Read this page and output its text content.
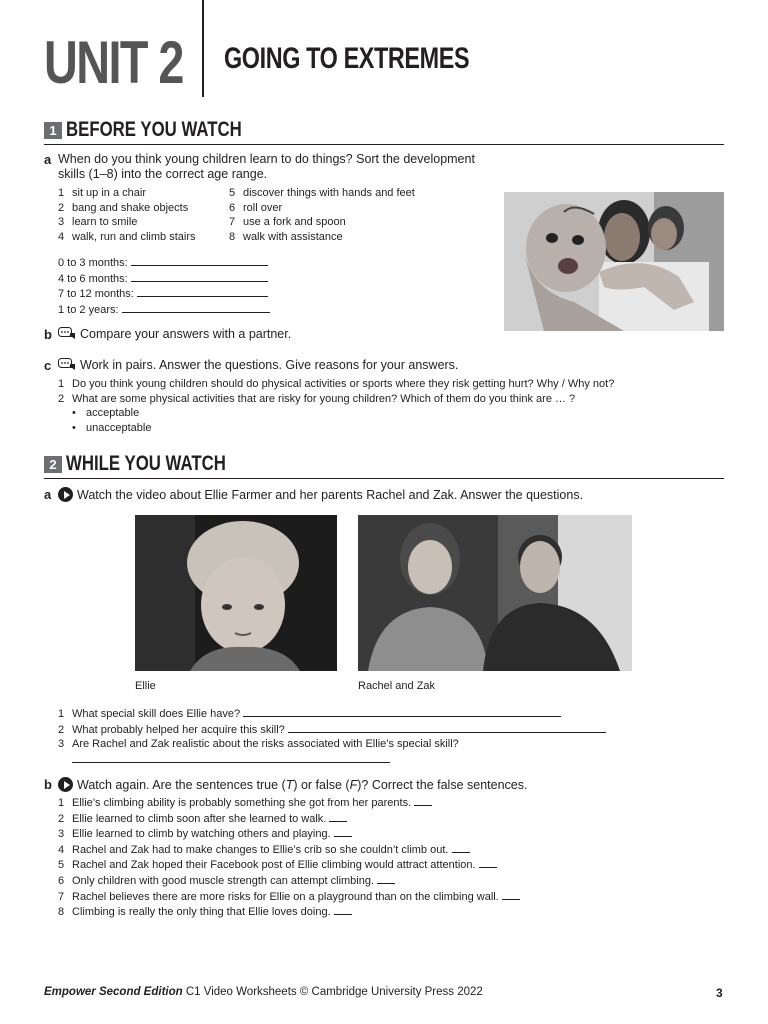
UNIT 2 GOING TO EXTREMES
1 BEFORE YOU WATCH
a When do you think young children learn to do things? Sort the development
skills (1–8) into the correct age range.
1 sit up in a chair
2 bang and shake objects
3 learn to smile
4 walk, run and climb stairs
5 discover things with hands and feet
6 roll over
7 use a fork and spoon
8 walk with assistance
0 to 3 months:
4 to 6 months:
7 to 12 months:
1 to 2 years:
b	Compare your answers with a partner.
c	Work in pairs. Answer the questions. Give reasons for your answers.
1 Do you think young children should do physical activities or sports where they risk getting hurt? Why / Why not?
2 What are some physical activities that are risky for young children? Which of them do you think are … ?
• acceptable
• unacceptable
2 WHILE YOU WATCH
a	Watch the video about Ellie Farmer and her parents Rachel and Zak. Answer the questions.
Ellie	Rachel and Zak
1 What special skill does Ellie have?
2 What probably helped her acquire this skill?
3 Are Rachel and Zak realistic about the risks associated with Ellie’s special skill?
b	Watch again. Are the sentences true (T) or false (F)? Correct the false sentences.
1 Ellie’s climbing ability is probably something she got from her parents.
2 Ellie learned to climb soon after she learned to walk.
3 Ellie learned to climb by watching others and playing.
4 Rachel and Zak had to make changes to Ellie’s crib so she couldn’t climb out.
5 Rachel and Zak hoped their Facebook post of Ellie climbing would attract attention.
6 Only children with good muscle strength can attempt climbing.
7 Rachel believes there are more risks for Ellie on a playground than on the climbing wall.
8 Climbing is really the only thing that Ellie loves doing.
Empower Second Edition C1 Video Worksheets © Cambridge University Press 2022	3
